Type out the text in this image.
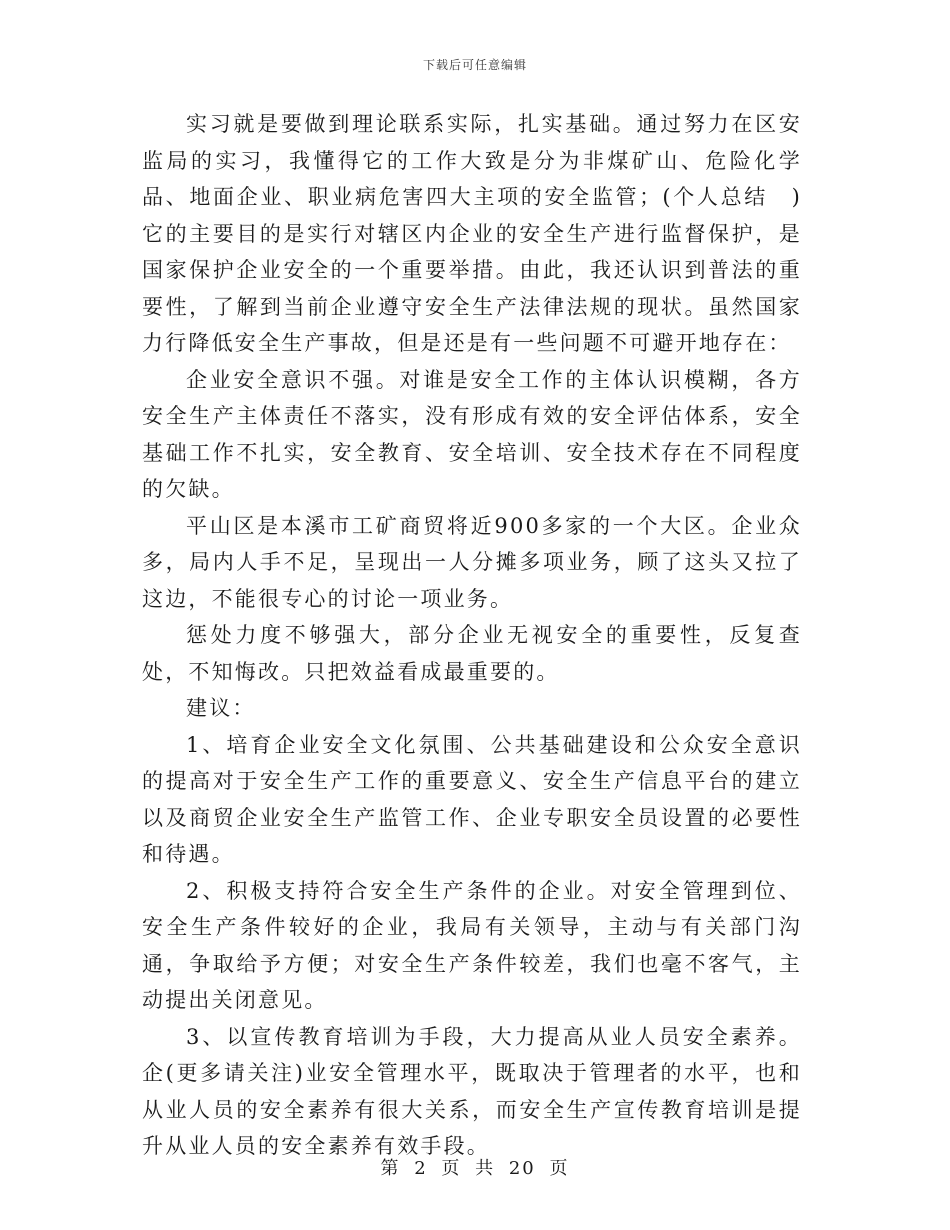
下载后可任意编辑

实习就是要做到理论联系实际，扎实基础。通过努力在区安监局的实习，我懂得它的工作大致是分为非煤矿山、危险化学品、地面企业、职业病危害四大主项的安全监管；(个人总结　)它的主要目的是实行对辖区内企业的安全生产进行监督保护，是国家保护企业安全的一个重要举措。由此，我还认识到普法的重要性，了解到当前企业遵守安全生产法律法规的现状。虽然国家力行降低安全生产事故，但是还是有一些问题不可避开地存在：

企业安全意识不强。对谁是安全工作的主体认识模糊，各方安全生产主体责任不落实，没有形成有效的安全评估体系，安全基础工作不扎实，安全教育、安全培训、安全技术存在不同程度的欠缺。

平山区是本溪市工矿商贸将近900多家的一个大区。企业众多，局内人手不足，呈现出一人分摊多项业务，顾了这头又拉了这边，不能很专心的讨论一项业务。

惩处力度不够强大，部分企业无视安全的重要性，反复查处，不知悔改。只把效益看成最重要的。

建议：

1、培育企业安全文化氛围、公共基础建设和公众安全意识的提高对于安全生产工作的重要意义、安全生产信息平台的建立以及商贸企业安全生产监管工作、企业专职安全员设置的必要性和待遇。

2、积极支持符合安全生产条件的企业。对安全管理到位、安全生产条件较好的企业，我局有关领导，主动与有关部门沟通，争取给予方便；对安全生产条件较差，我们也毫不客气，主动提出关闭意见。

3、以宣传教育培训为手段，大力提高从业人员安全素养。企(更多请关注)业安全管理水平，既取决于管理者的水平，也和从业人员的安全素养有很大关系，而安全生产宣传教育培训是提升从业人员的安全素养有效手段。

第 2 页 共 20 页
